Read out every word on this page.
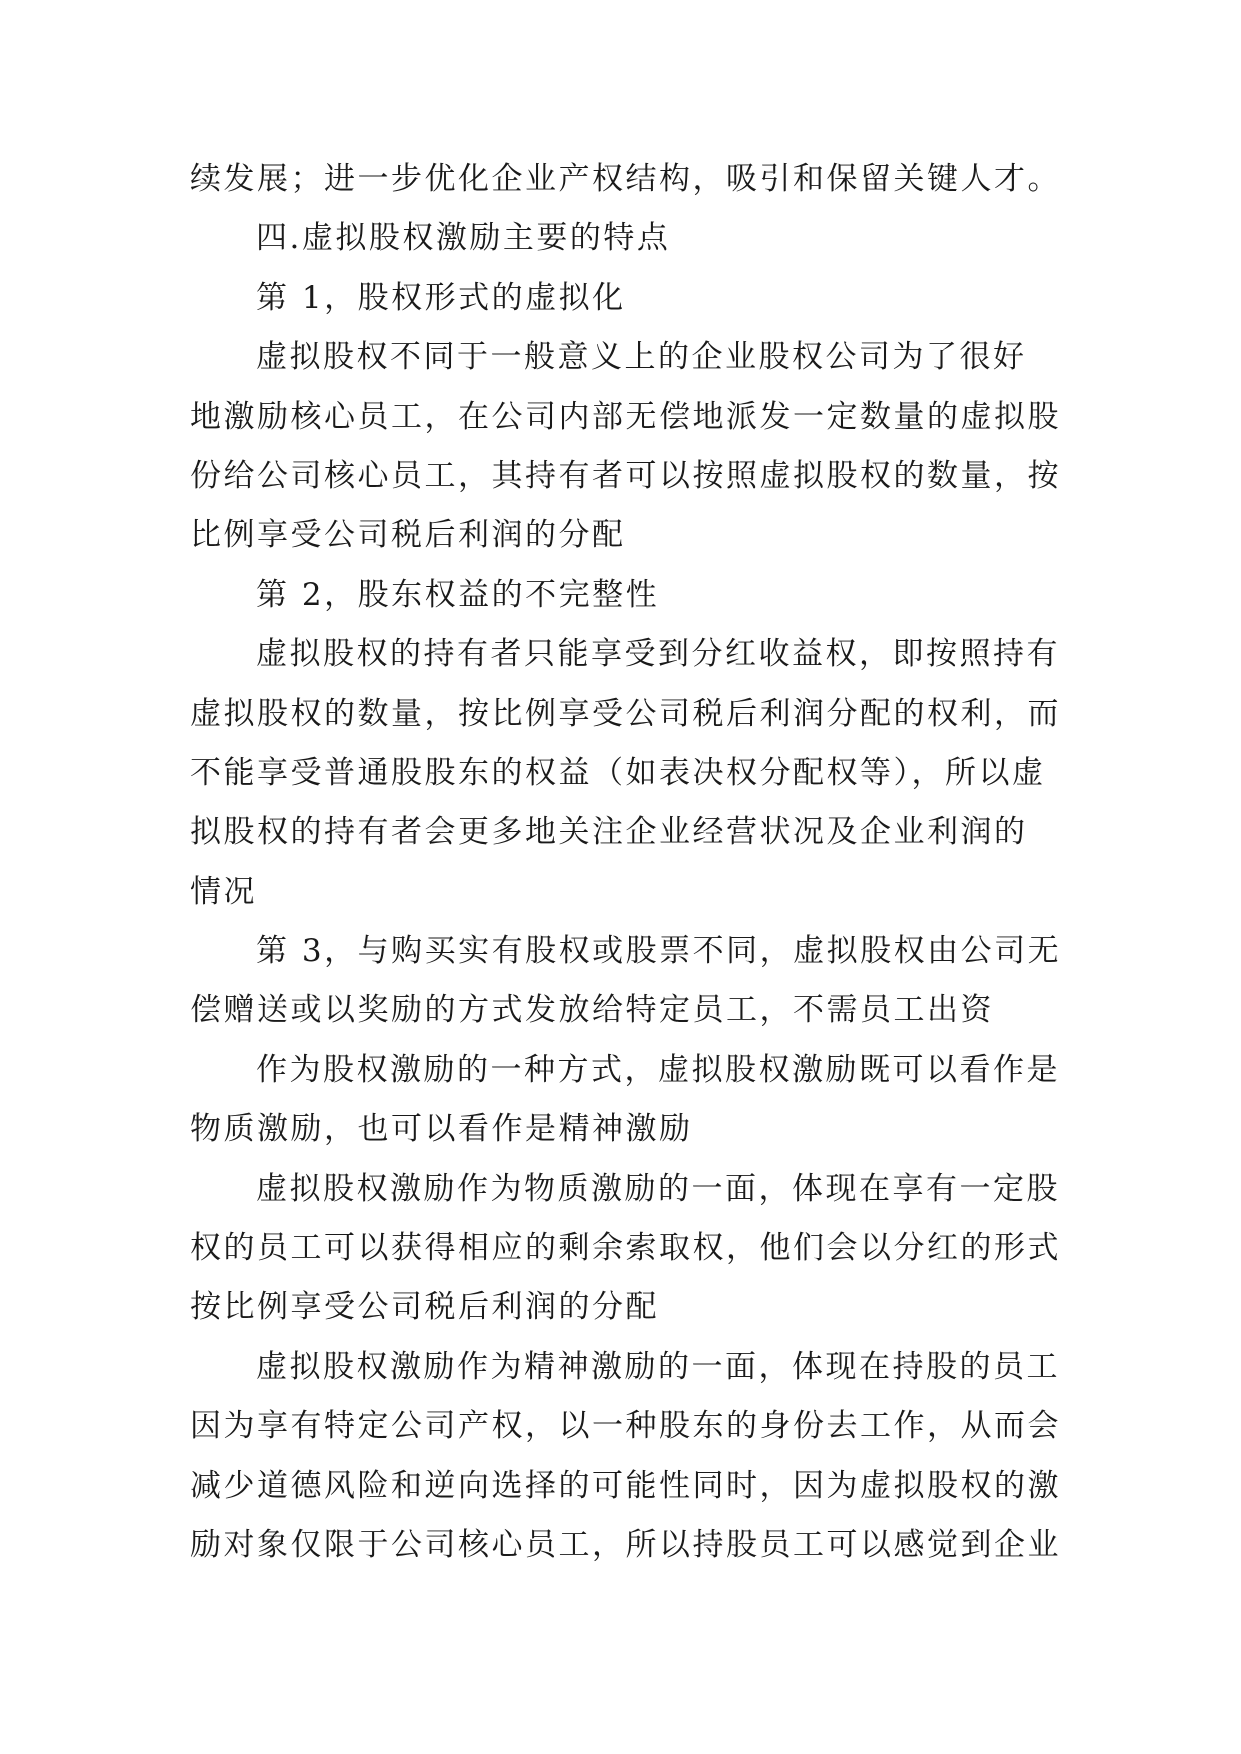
续发展；进一步优化企业产权结构，吸引和保留关键人才。
四.虚拟股权激励主要的特点
第 1，股权形式的虚拟化
虚拟股权不同于一般意义上的企业股权公司为了很好
地激励核心员工，在公司内部无偿地派发一定数量的虚拟股
份给公司核心员工，其持有者可以按照虚拟股权的数量，按
比例享受公司税后利润的分配
第 2，股东权益的不完整性
虚拟股权的持有者只能享受到分红收益权，即按照持有
虚拟股权的数量，按比例享受公司税后利润分配的权利，而
不能享受普通股股东的权益（如表决权分配权等），所以虚
拟股权的持有者会更多地关注企业经营状况及企业利润的
情况
第 3，与购买实有股权或股票不同，虚拟股权由公司无
偿赠送或以奖励的方式发放给特定员工，不需员工出资
作为股权激励的一种方式，虚拟股权激励既可以看作是
物质激励，也可以看作是精神激励
虚拟股权激励作为物质激励的一面，体现在享有一定股
权的员工可以获得相应的剩余索取权，他们会以分红的形式
按比例享受公司税后利润的分配
虚拟股权激励作为精神激励的一面，体现在持股的员工
因为享有特定公司产权，以一种股东的身份去工作，从而会
减少道德风险和逆向选择的可能性同时，因为虚拟股权的激
励对象仅限于公司核心员工，所以持股员工可以感觉到企业
